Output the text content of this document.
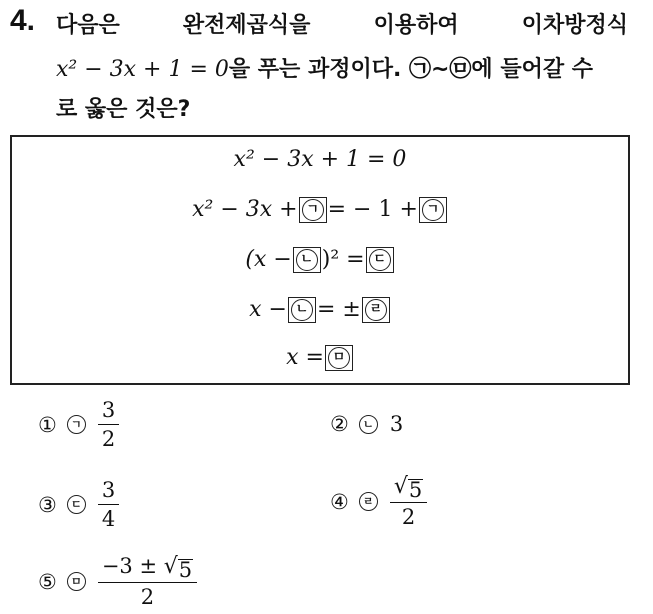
4. 다음은	완전제곱식을	이용하여	이차방정식
x² − 3x + 1 = 0을 푸는 과정이다. ㉠~㉤에 들어갈 수
로 옳은 것은?
x² − 3x + 1 = 0
x² − 3x + ㄱ = − 1 + ㄱ
(x − ㄴ )² = ㄷ
x − ㄴ = ± ㄹ
x = ㅁ
①	ㄱ $\frac{3}{2}$	②	ㄴ 3
③	ㄷ $\frac{3}{4}$	④	ㄹ $\frac{√ 5}{2}$
⑤	ㅁ $\frac{-3 \pm √ 5}{2}$
